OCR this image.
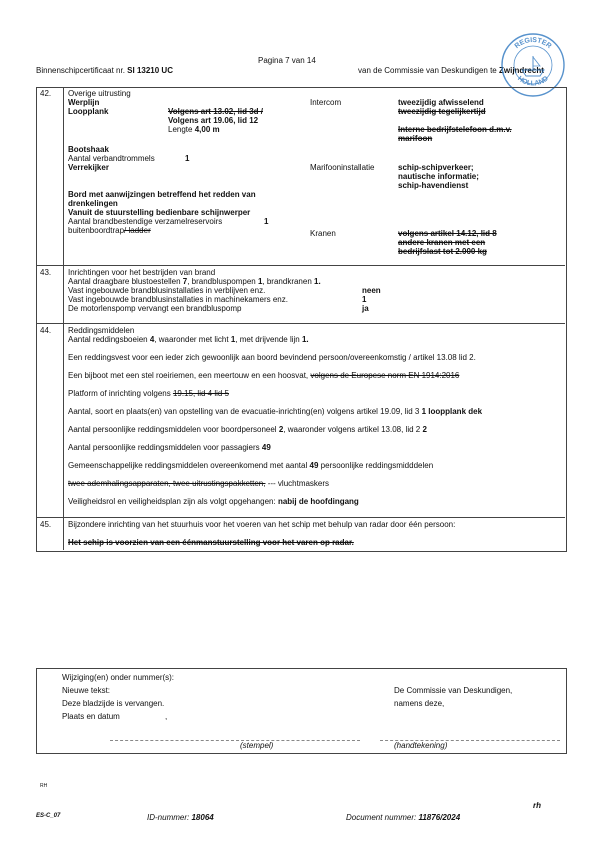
Pagina 7 van 14
Binnenschipcertificaat nr. SI 13210 UC	van de Commissie van Deskundigen te Zwijndrecht
REGISTER
HOLLAND
42. Overige uitrusting
Werplijn
Loopplank	Volgens art 13.02, lid 3d /
Volgens art 19.06, lid 12
Lengte 4,00 m
Bootshaak
Aantal verbandtrommels	1
Verrekijker
Bord met aanwijzingen betreffend het redden van
drenkelingen
Vanuit de stuurstelling bedienbare schijnwerper
Aantal brandbestendige verzamelreservoirs	1
buitenboordtrap/ ladder
Intercom	tweezijdig afwisselend
tweezijdig tegelijkertijd
Interne bedrijfstelefoon d.m.v.
marifoon
Marifooninstallatie	schip-schipverkeer;
nautische informatie;
schip-havendienst
Kranen	volgens artikel 14.12, lid 8
andere kranen met een
bedrijfslast tot 2.000 kg
43. Inrichtingen voor het bestrijden van brand
Aantal draagbare blustoestellen 7, brandbluspompen 1, brandkranen 1.
Vast ingebouwde brandblusinstallaties in verblijven enz.	neen
Vast ingebouwde brandblusinstallaties in machinekamers enz.	1
De motorlenspomp vervangt een brandbluspomp	ja
44. Reddingsmiddelen
Aantal reddingsboeien 4, waaronder met licht 1, met drijvende lijn 1.
Een reddingsvest voor een ieder zich gewoonlijk aan boord bevindend persoon/overeenkomstig / artikel 13.08 lid 2.
Een bijboot met een stel roeiriemen, een meertouw en een hoosvat, volgens de Europese norm EN 1914:2016
Platform of inrichting volgens 19.15, lid 4 lid 5
Aantal, soort en plaats(en) van opstelling van de evacuatie-inrichting(en) volgens artikel 19.09, lid 3 1 loopplank dek
Aantal persoonlijke reddingsmiddelen voor boordpersoneel 2, waaronder volgens artikel 13.08, lid 2 2
Aantal persoonlijke reddingsmiddelen voor passagiers 49
Gemeenschappelijke reddingsmiddelen overeenkomend met aantal 49 persoonlijke reddingsmidddelen
twee ademhalingsapparaten, twee uitrustingspakketten, --- vluchtmaskers
Veiligheidsrol en veiligheidsplan zijn als volgt opgehangen: nabij de hoofdingang
45. Bijzondere inrichting van het stuurhuis voor het voeren van het schip met behulp van radar door één persoon:
Het schip is voorzien van een éénmanstuurstelling voor het varen op radar.
Wijziging(en) onder nummer(s):
Nieuwe tekst:
Deze bladzijde is vervangen.
Plaats en datum	,
De Commissie van Deskundigen,
namens deze,
(stempel)	(handtekening)
RH
rh
ES-C_07	ID-nummer: 18064	Document nummer: 11876/2024
